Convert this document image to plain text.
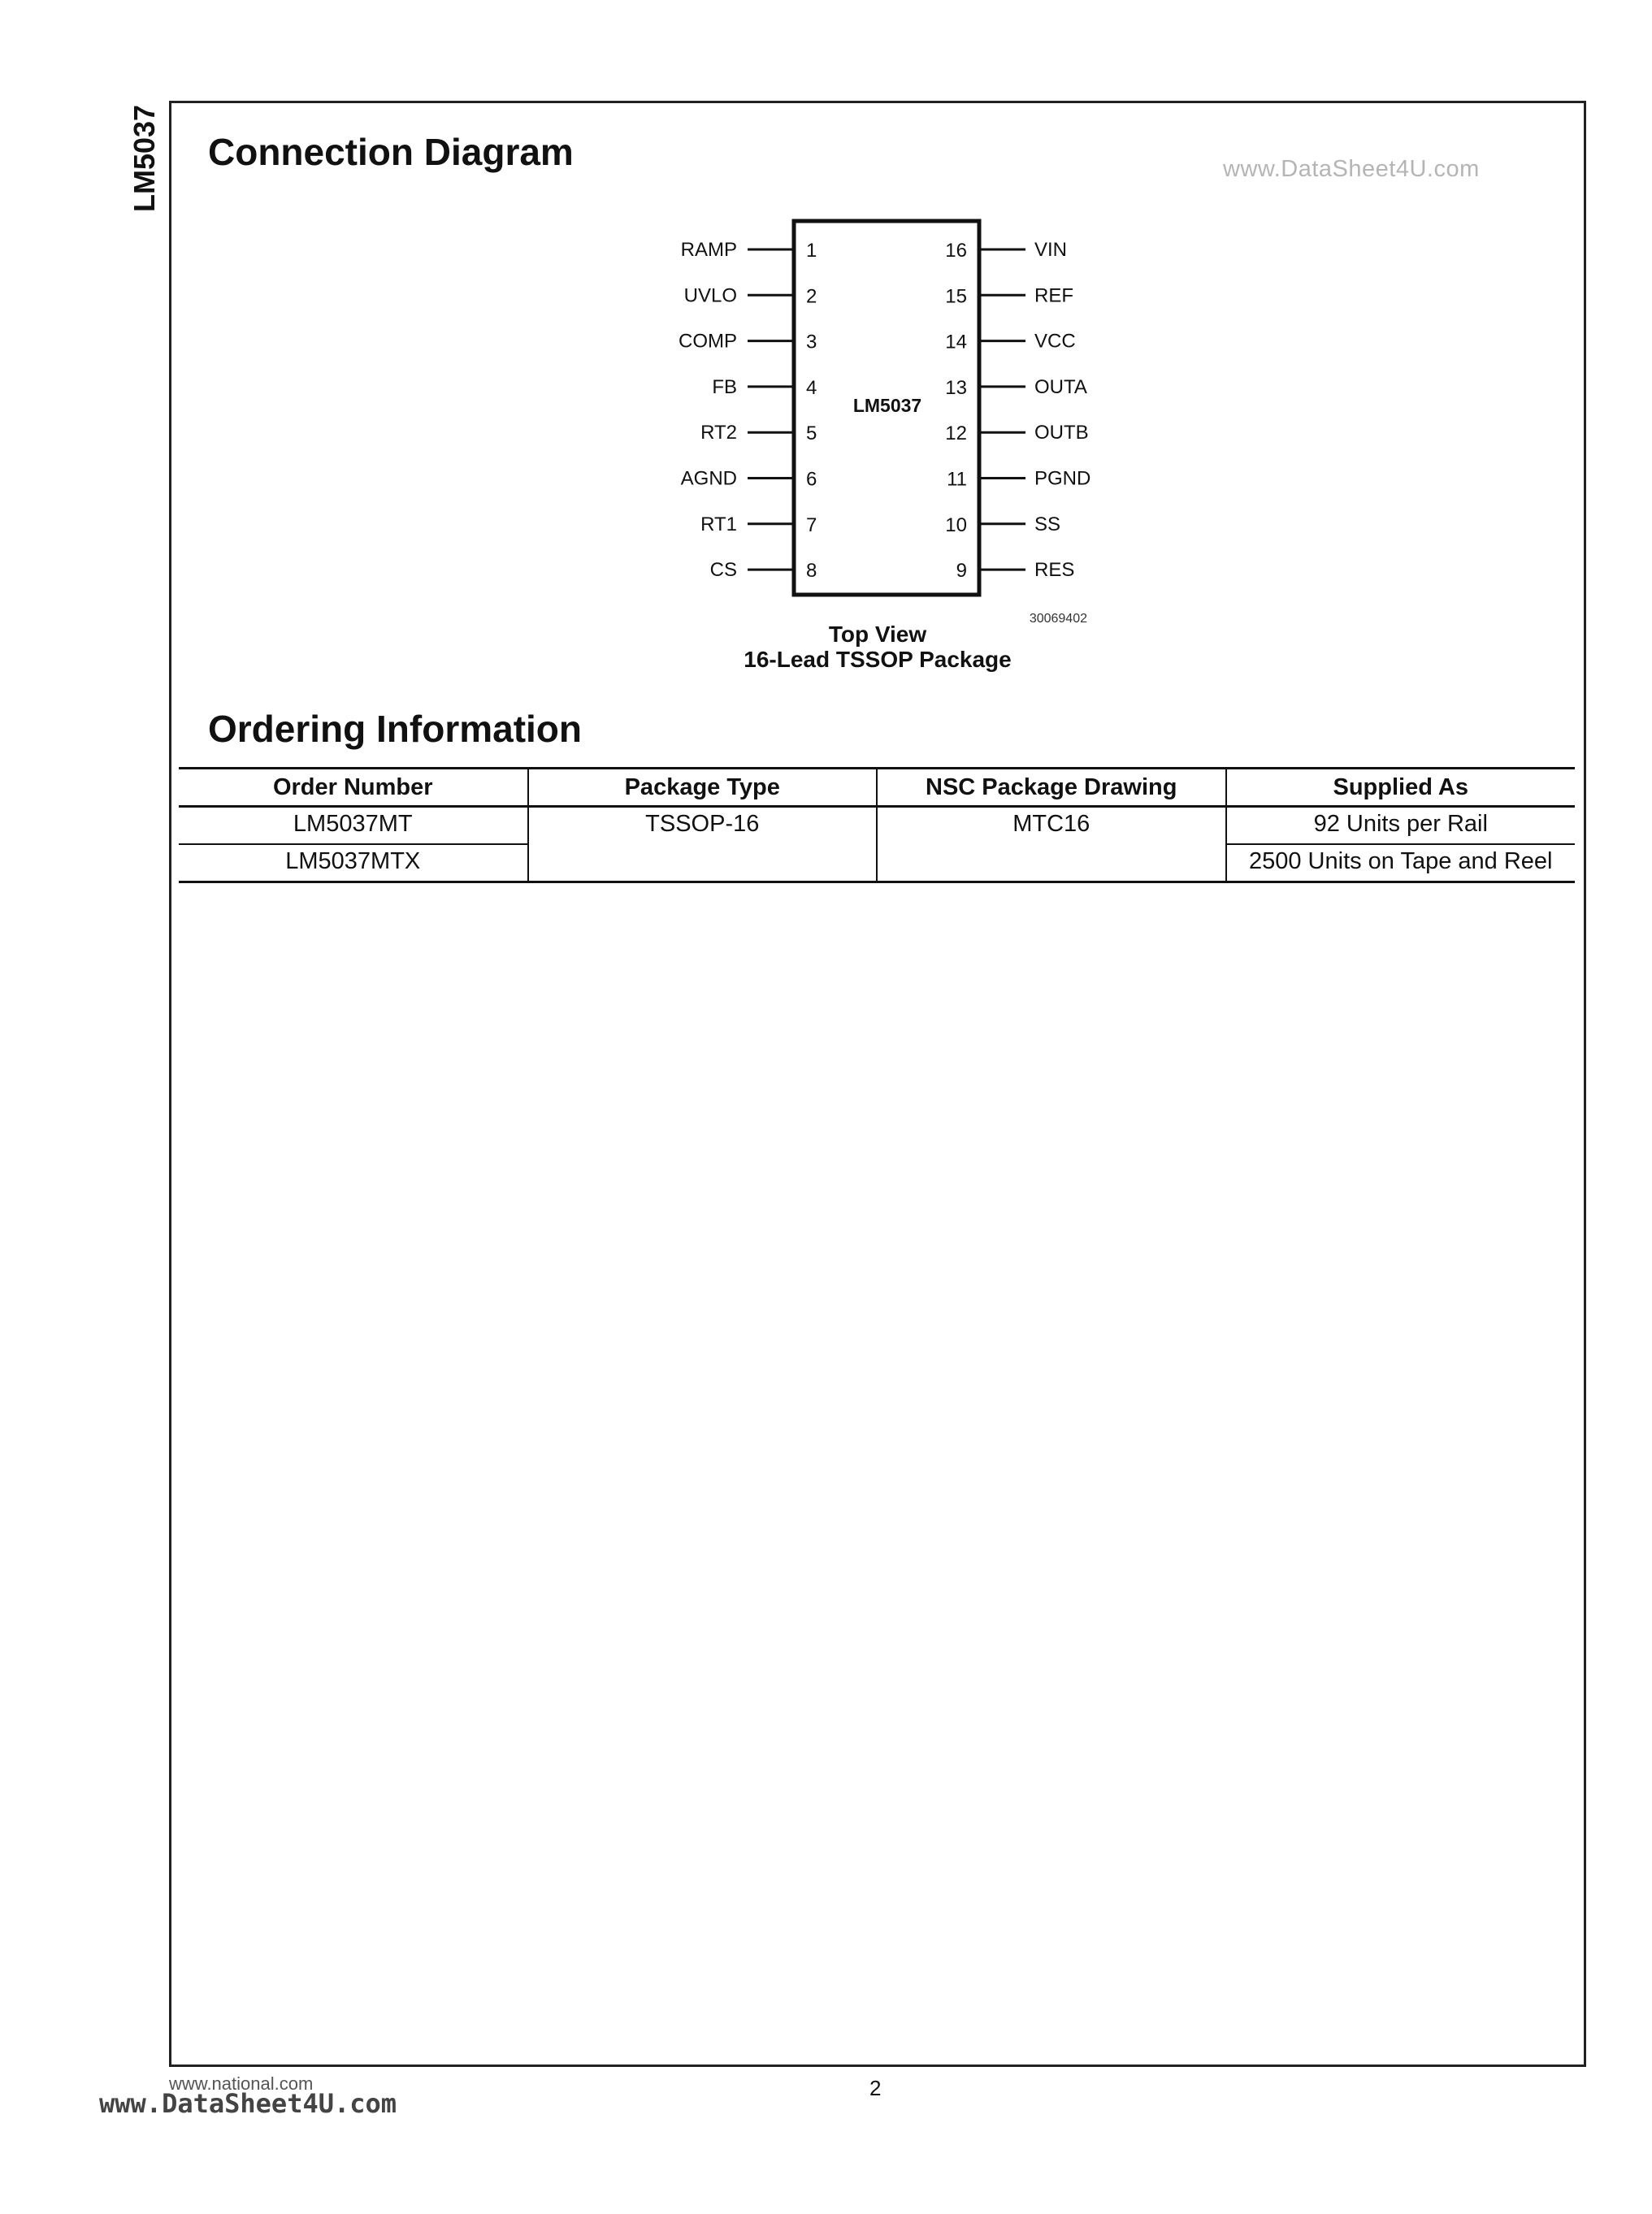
LM5037 Connection Diagram	www.DataSheet4U.com
LM5037
RAMP	1
UVLO	2
COMP	3
FB	4
RT2	5
AGND	6
RT1	7
CS	8
VIN
16
REF
15
VCC
14
OUTA
13
OUTB
12
PGND
11
SS
10
RES
9
30069402
Top View
16-Lead TSSOP Package
Ordering Information
Order Number	Package Type	NSC Package Drawing	Supplied As
LM5037MT	TSSOP-16	MTC16	92 Units per Rail
LM5037MTX			2500 Units on Tape and Reel
www.national.com
www.DataSheet4U.com	2
